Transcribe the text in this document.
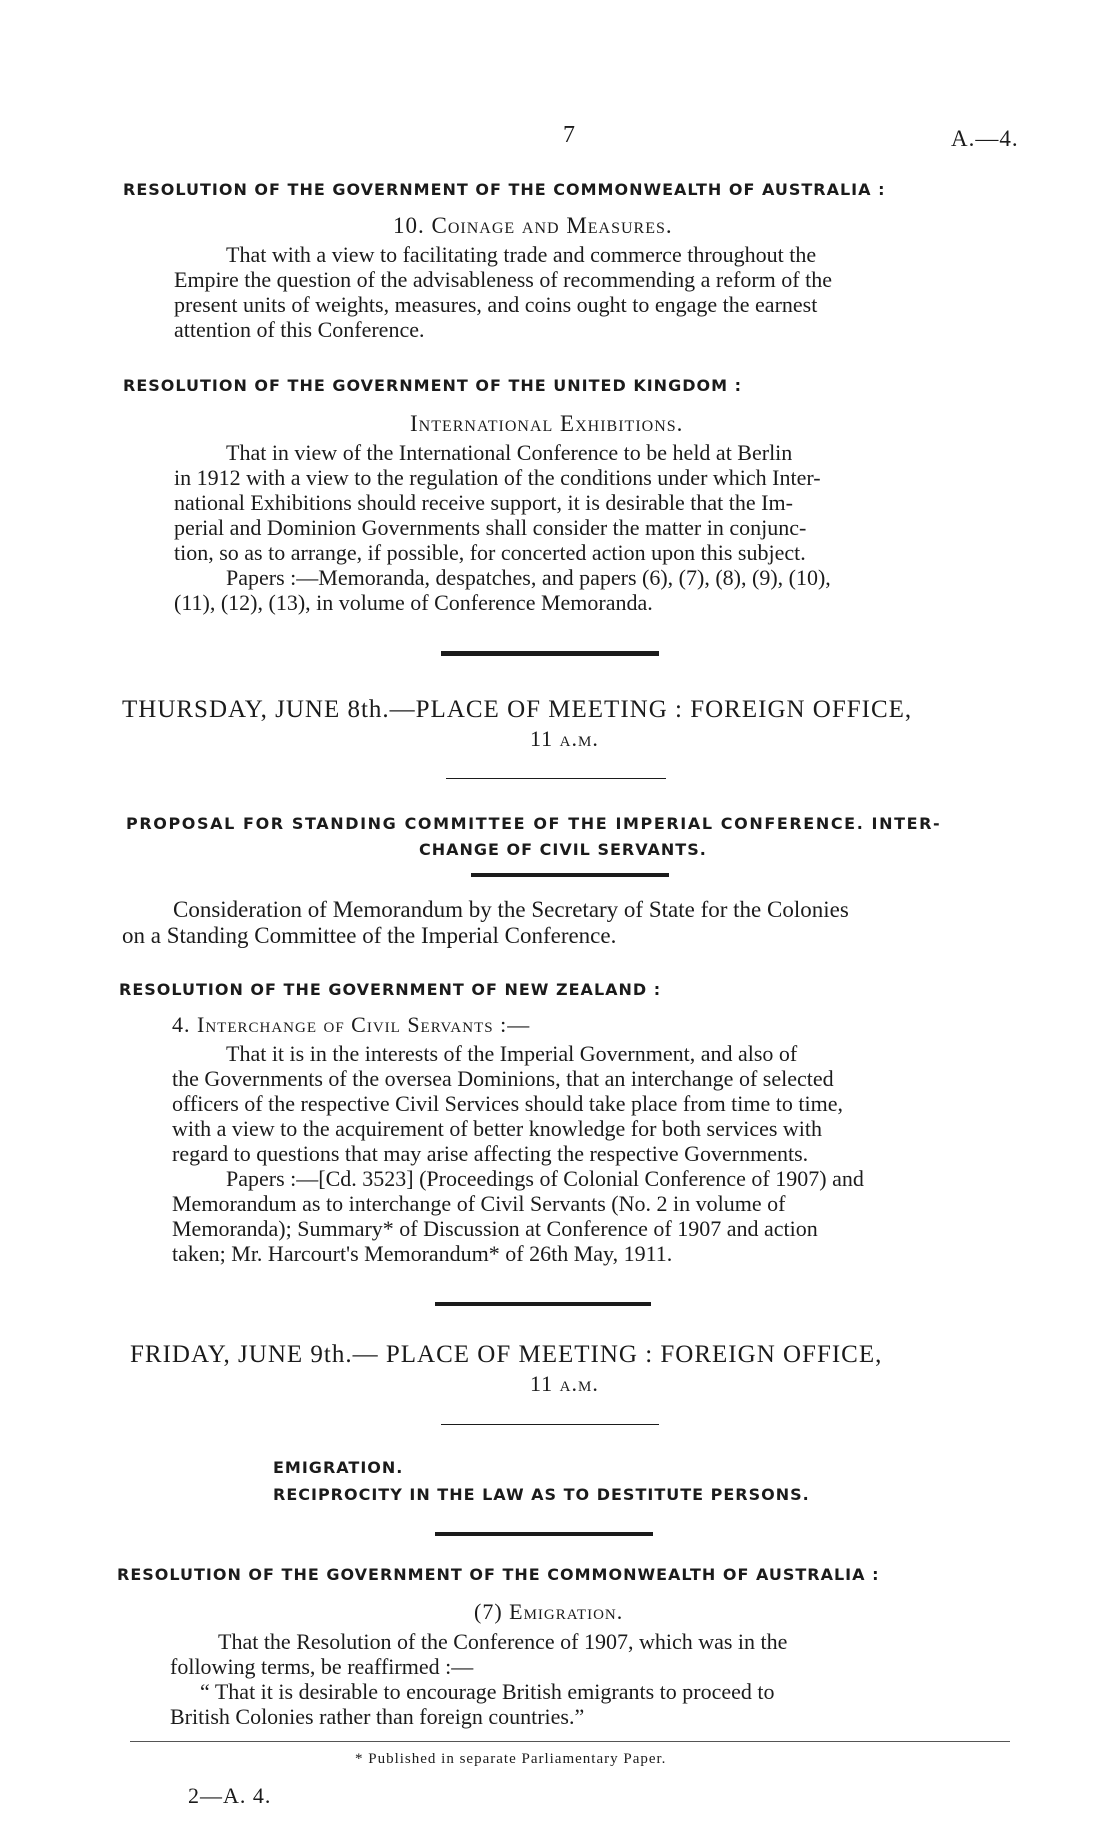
7	A.—4.
RESOLUTION OF THE GOVERNMENT OF THE COMMONWEALTH OF AUSTRALIA :
10. Coinage and Measures.
That with a view to facilitating trade and commerce throughout the
Empire the question of the advisableness of recommending a reform of the
present units of weights, measures, and coins ought to engage the earnest
attention of this Conference.
RESOLUTION OF THE GOVERNMENT OF THE UNITED KINGDOM :
International Exhibitions.
That in view of the International Conference to be held at Berlin
in 1912 with a view to the regulation of the conditions under which Inter-
national Exhibitions should receive support, it is desirable that the Im-
perial and Dominion Governments shall consider the matter in conjunc-
tion, so as to arrange, if possible, for concerted action upon this subject.
Papers :—Memoranda, despatches, and papers (6), (7), (8), (9), (10),
(11), (12), (13), in volume of Conference Memoranda.
THURSDAY, JUNE 8th.—PLACE OF MEETING : FOREIGN OFFICE,
11 a.m.
PROPOSAL FOR STANDING COMMITTEE OF THE IMPERIAL CONFERENCE. INTER-
CHANGE OF CIVIL SERVANTS.
Consideration of Memorandum by the Secretary of State for the Colonies
on a Standing Committee of the Imperial Conference.
RESOLUTION OF THE GOVERNMENT OF NEW ZEALAND :
4. Interchange of Civil Servants :—
That it is in the interests of the Imperial Government, and also of
the Governments of the oversea Dominions, that an interchange of selected
officers of the respective Civil Services should take place from time to time,
with a view to the acquirement of better knowledge for both services with
regard to questions that may arise affecting the respective Governments.
Papers :—[Cd. 3523] (Proceedings of Colonial Conference of 1907) and
Memorandum as to interchange of Civil Servants (No. 2 in volume of
Memoranda); Summary* of Discussion at Conference of 1907 and action
taken; Mr. Harcourt's Memorandum* of 26th May, 1911.
FRIDAY, JUNE 9th.— PLACE OF MEETING : FOREIGN OFFICE,
11 a.m.
EMIGRATION.
RECIPROCITY IN THE LAW AS TO DESTITUTE PERSONS.
RESOLUTION OF THE GOVERNMENT OF THE COMMONWEALTH OF AUSTRALIA :
(7) Emigration.
That the Resolution of the Conference of 1907, which was in the
following terms, be reaffirmed :—
“ That it is desirable to encourage British emigrants to proceed to
British Colonies rather than foreign countries.”
* Published in separate Parliamentary Paper.
2—A. 4.
